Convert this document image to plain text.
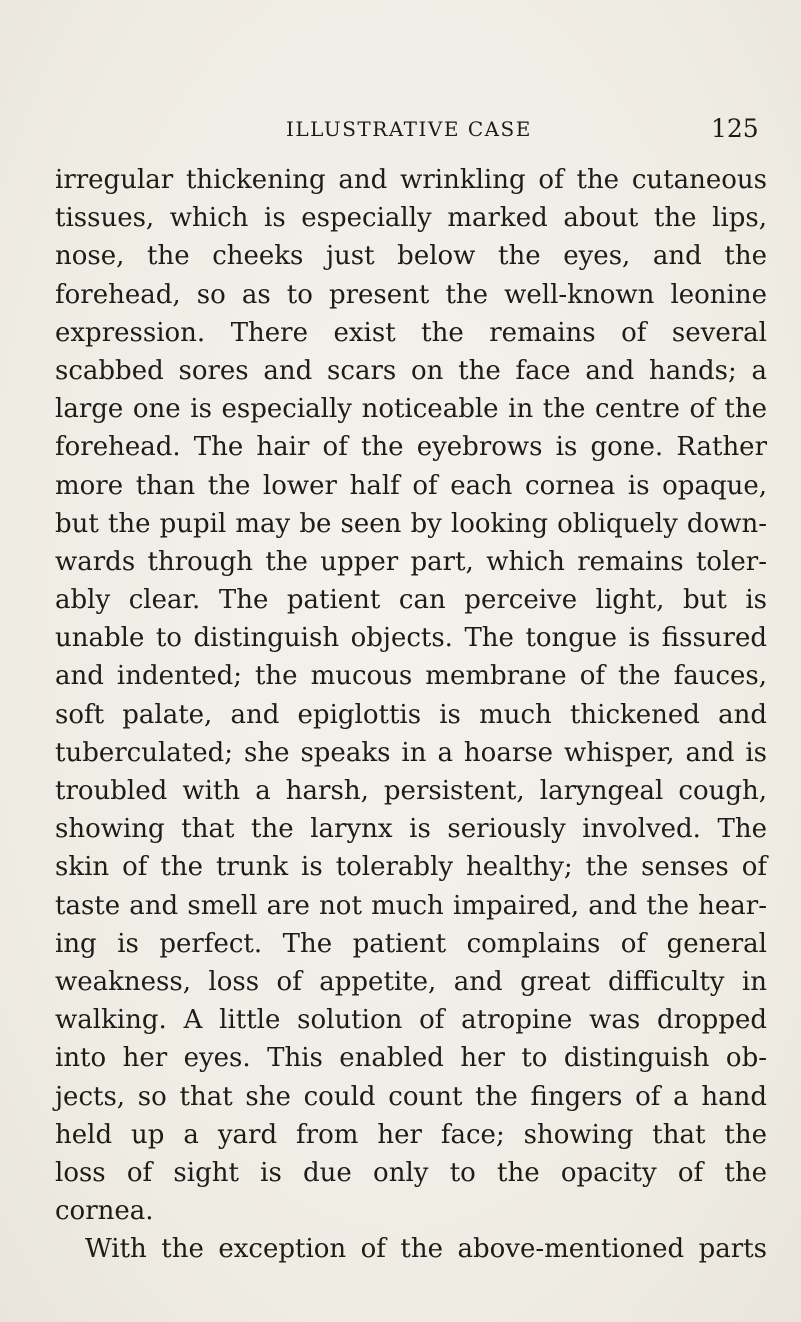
ILLUSTRATIVE CASE	125
irregular thickening and wrinkling of the cutaneous
tissues, which is especially marked about the lips,
nose, the cheeks just below the eyes, and the
forehead, so as to present the well-known leonine
expression. There exist the remains of several
scabbed sores and scars on the face and hands; a
large one is especially noticeable in the centre of the
forehead. The hair of the eyebrows is gone. Rather
more than the lower half of each cornea is opaque,
but the pupil may be seen by looking obliquely down-
wards through the upper part, which remains toler-
ably clear. The patient can perceive light, but is
unable to distinguish objects. The tongue is fissured
and indented; the mucous membrane of the fauces,
soft palate, and epiglottis is much thickened and
tuberculated; she speaks in a hoarse whisper, and is
troubled with a harsh, persistent, laryngeal cough,
showing that the larynx is seriously involved. The
skin of the trunk is tolerably healthy; the senses of
taste and smell are not much impaired, and the hear-
ing is perfect. The patient complains of general
weakness, loss of appetite, and great difficulty in
walking. A little solution of atropine was dropped
into her eyes. This enabled her to distinguish ob-
jects, so that she could count the fingers of a hand
held up a yard from her face; showing that the
loss of sight is due only to the opacity of the
cornea.
With the exception of the above-mentioned parts
